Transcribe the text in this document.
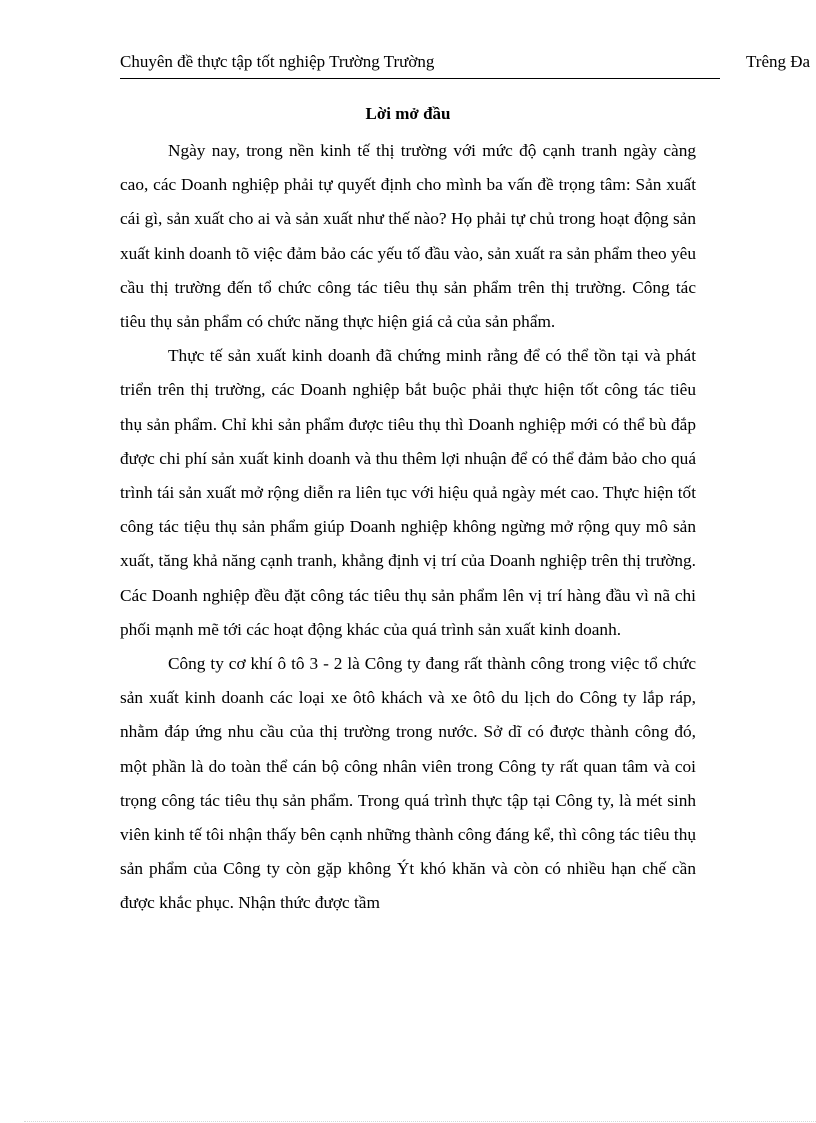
Chuyên đề thực tập tốt nghiệp Trường Trường	Trêng Đa
Lời mở đầu

Ngày nay, trong nền kinh tế thị trường với mức độ cạnh tranh ngày càng cao, các Doanh nghiệp phải tự quyết định cho mình ba vấn đề trọng tâm: Sản xuất cái gì, sản xuất cho ai và sản xuất như thế nào? Họ phải tự chủ trong hoạt động sản xuất kinh doanh tõ việc đảm bảo các yếu tố đầu vào, sản xuất ra sản phẩm theo yêu cầu thị trường đến tổ chức công tác tiêu thụ sản phẩm trên thị trường. Công tác tiêu thụ sản phẩm có chức năng thực hiện giá cả của sản phẩm.

Thực tế sản xuất kinh doanh đã chứng minh rằng để có thể tồn tại và phát triển trên thị trường, các Doanh nghiệp bắt buộc phải thực hiện tốt công tác tiêu thụ sản phẩm. Chỉ khi sản phẩm được tiêu thụ thì Doanh nghiệp mới có thể bù đắp được chi phí sản xuất kinh doanh và thu thêm lợi nhuận để có thể đảm bảo cho quá trình tái sản xuất mở rộng diễn ra liên tục với hiệu quả ngày mét cao. Thực hiện tốt công tác tiệu thụ sản phẩm giúp Doanh nghiệp không ngừng mở rộng quy mô sản xuất, tăng khả năng cạnh tranh, khẳng định vị trí của Doanh nghiệp trên thị trường. Các Doanh nghiệp đều đặt công tác tiêu thụ sản phẩm lên vị trí hàng đầu vì nã chi phối mạnh mẽ tới các hoạt động khác của quá trình sản xuất kinh doanh.

Công ty cơ khí ô tô 3 - 2 là Công ty đang rất thành công trong việc tổ chức sản xuất kinh doanh các loại xe ôtô khách và xe ôtô du lịch do Công ty lắp ráp, nhằm đáp ứng nhu cầu của thị trường trong nước. Sở dĩ có được thành công đó, một phần là do toàn thể cán bộ công nhân viên trong Công ty rất quan tâm và coi trọng công tác tiêu thụ sản phẩm. Trong quá trình thực tập tại Công ty, là mét sinh viên kinh tế tôi nhận thấy bên cạnh những thành công đáng kể, thì công tác tiêu thụ sản phẩm của Công ty còn gặp không Ýt khó khăn và còn có nhiều hạn chế cần được khắc phục. Nhận thức được tầm
